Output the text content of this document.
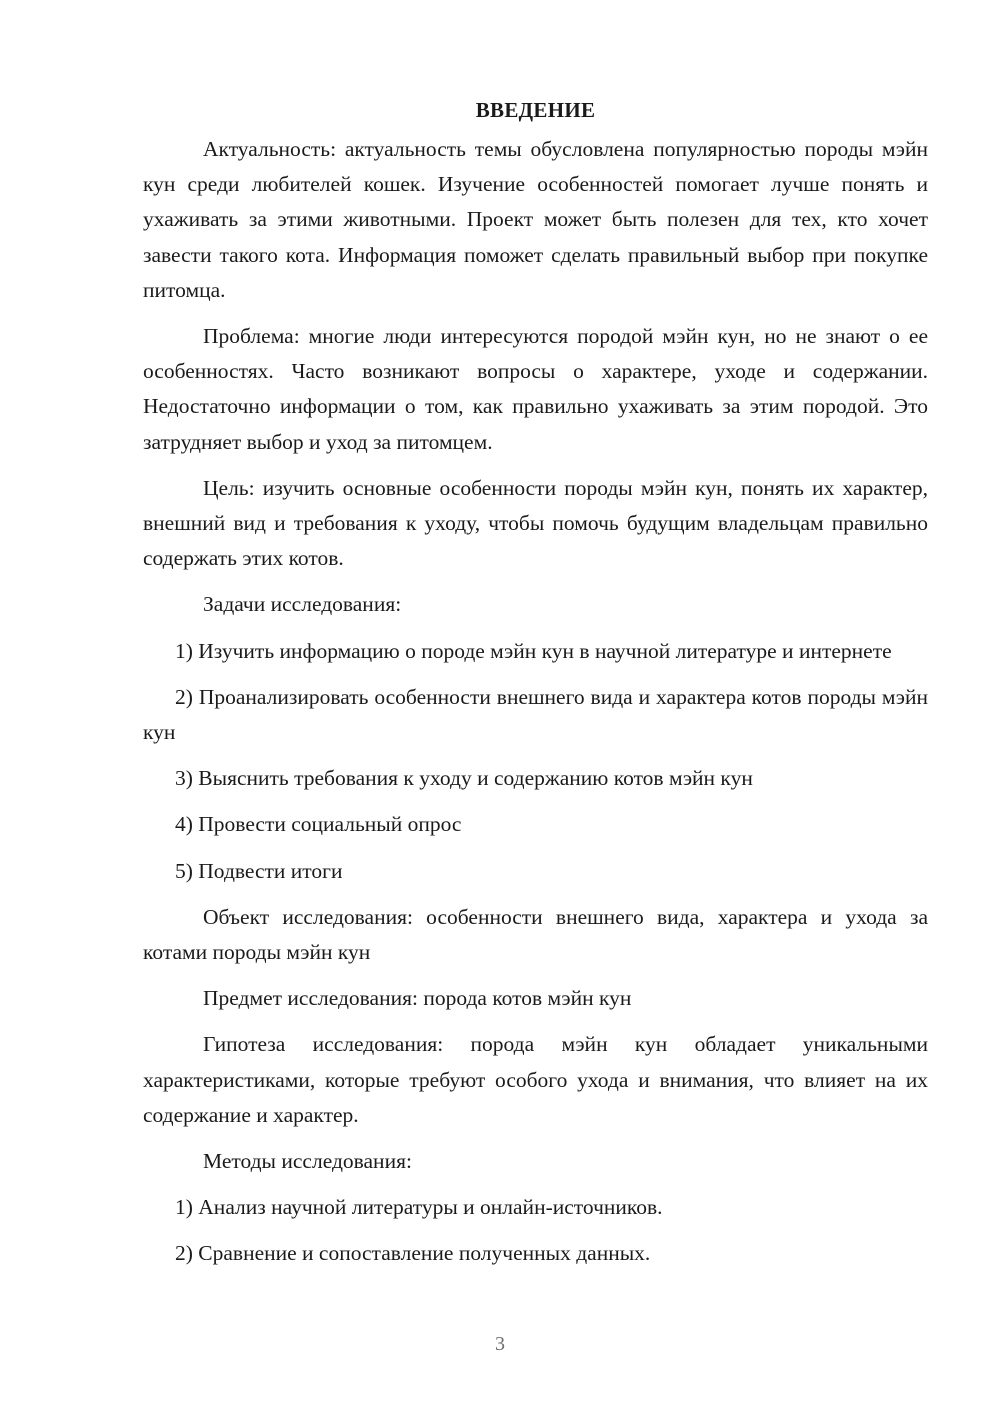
ВВЕДЕНИЕ

Актуальность: актуальность темы обусловлена популярностью породы мэйн кун среди любителей кошек. Изучение особенностей помогает лучше понять и ухаживать за этими животными. Проект может быть полезен для тех, кто хочет завести такого кота. Информация поможет сделать правильный выбор при покупке питомца.

Проблема: многие люди интересуются породой мэйн кун, но не знают о ее особенностях. Часто возникают вопросы о характере, уходе и содержании. Недостаточно информации о том, как правильно ухаживать за этим породой. Это затрудняет выбор и уход за питомцем.

Цель: изучить основные особенности породы мэйн кун, понять их характер, внешний вид и требования к уходу, чтобы помочь будущим владельцам правильно содержать этих котов.

Задачи исследования:

1) Изучить информацию о породе мэйн кун в научной литературе и интернете

2) Проанализировать особенности внешнего вида и характера котов породы мэйн кун

3) Выяснить требования к уходу и содержанию котов мэйн кун

4) Провести социальный опрос

5) Подвести итоги

Объект исследования: особенности внешнего вида, характера и ухода за котами породы мэйн кун

Предмет исследования: порода котов мэйн кун

Гипотеза исследования: порода мэйн кун обладает уникальными характеристиками, которые требуют особого ухода и внимания, что влияет на их содержание и характер.

Методы исследования:

1) Анализ научной литературы и онлайн-источников.

2) Сравнение и сопоставление полученных данных.

3
